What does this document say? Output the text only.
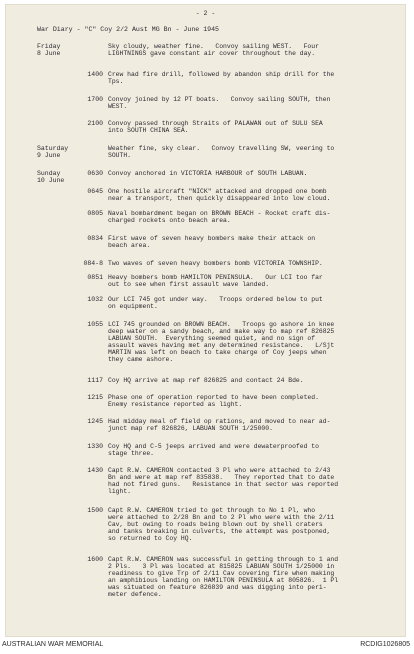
- 2 -
War Diary - "C" Coy 2/2 Aust MG Bn - June 1945
Friday
8 June
Sky cloudy, weather fine.   Convoy sailing WEST.   Four
LIGHTNINGS gave constant air cover throughout the day.
1400 Crew had fire drill, followed by abandon ship drill for the
Tps.
1700 Convoy joined by 12 PT boats.   Convoy sailing SOUTH, then
WEST.
2100 Convoy passed through Straits of PALAWAN out of SULU SEA
into SOUTH CHINA SEA.
Saturday
9 June
Weather fine, sky clear.   Convoy travelling SW, veering to
SOUTH.
Sunday
10 June
0630 Convoy anchored in VICTORIA HARBOUR of SOUTH LABUAN.
0645 One hostile aircraft "NICK" attacked and dropped one bomb
near a transport, then quickly disappeared into low cloud.
0805 Naval bombardment began on BROWN BEACH - Rocket craft dis-
charged rockets onto beach area.
0834 First wave of seven heavy bombers make their attack on
beach area.
084-8 Two waves of seven heavy bombers bomb VICTORIA TOWNSHIP.
0851 Heavy bombers bomb HAMILTON PENINSULA.   Our LCI too far
out to see when first assault wave landed.
1032 Our LCI 745 got under way.   Troops ordered below to put
on equipment.
1055 LCI 745 grounded on BROWN BEACH.   Troops go ashore in knee
deep water on a sandy beach, and make way to map ref 826825
LABUAN SOUTH.  Everything seemed quiet, and no sign of
assault waves having met any determined resistance.   L/Sjt
MARTIN was left on beach to take charge of Coy jeeps when
they came ashore.
1117 Coy HQ arrive at map ref 826825 and contact 24 Bde.
1215 Phase one of operation reported to have been completed.
Enemy resistance reported as light.
1245 Had midday meal of field op rations, and moved to near ad-
junct map ref 826826, LABUAN SOUTH 1/25000.
1330 Coy HQ and C-5 jeeps arrived and were dewaterproofed to
stage three.
1430 Capt R.W. CAMERON contacted 3 Pl who were attached to 2/43
Bn and were at map ref 835838.   They reported that to date
had not fired guns.   Resistance in that sector was reported
light.
1500 Capt R.W. CAMERON tried to get through to No 1 Pl, who
were attached to 2/28 Bn and to 2 Pl who were with the 2/11
Cav, but owing to roads being blown out by shell craters
and tanks breaking in culverts, the attempt was postponed,
so returned to Coy HQ.
1600 Capt R.W. CAMERON was successful in getting through to 1 and
2 Pls.   3 Pl was located at 815825 LABUAN SOUTH 1/25000 in
readiness to give Trp of 2/11 Cav covering fire when making
an amphibious landing on HAMILTON PENINSULA at 805826.  1 Pl
was situated on feature 826839 and was digging into peri-
meter defence.
AUSTRALIAN WAR MEMORIAL	RCDIG1026805
